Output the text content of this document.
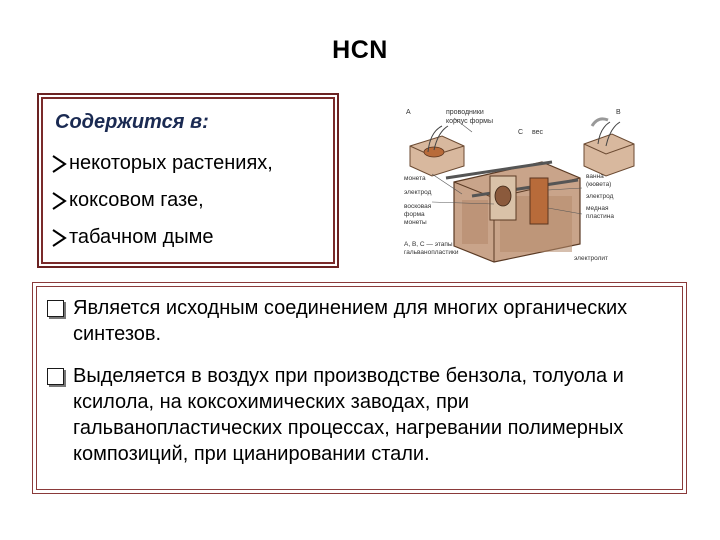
HCN
Содержится в:
некоторых растениях,
коксовом газе,
табачном дыме
А	проводники
корпус формы
C вес
B
монета
электрод
восковая
форма
монеты
А, В, С — этапы
гальванопластики
ванна
(кювета)
электрод
медная
пластина
электролит
Является исходным соединением для многих органических синтезов.
Выделяется в воздух при производстве бензола, толуола и ксилола, на коксохимических заводах, при гальванопластических процессах, нагревании полимерных композиций, при цианировании стали.
